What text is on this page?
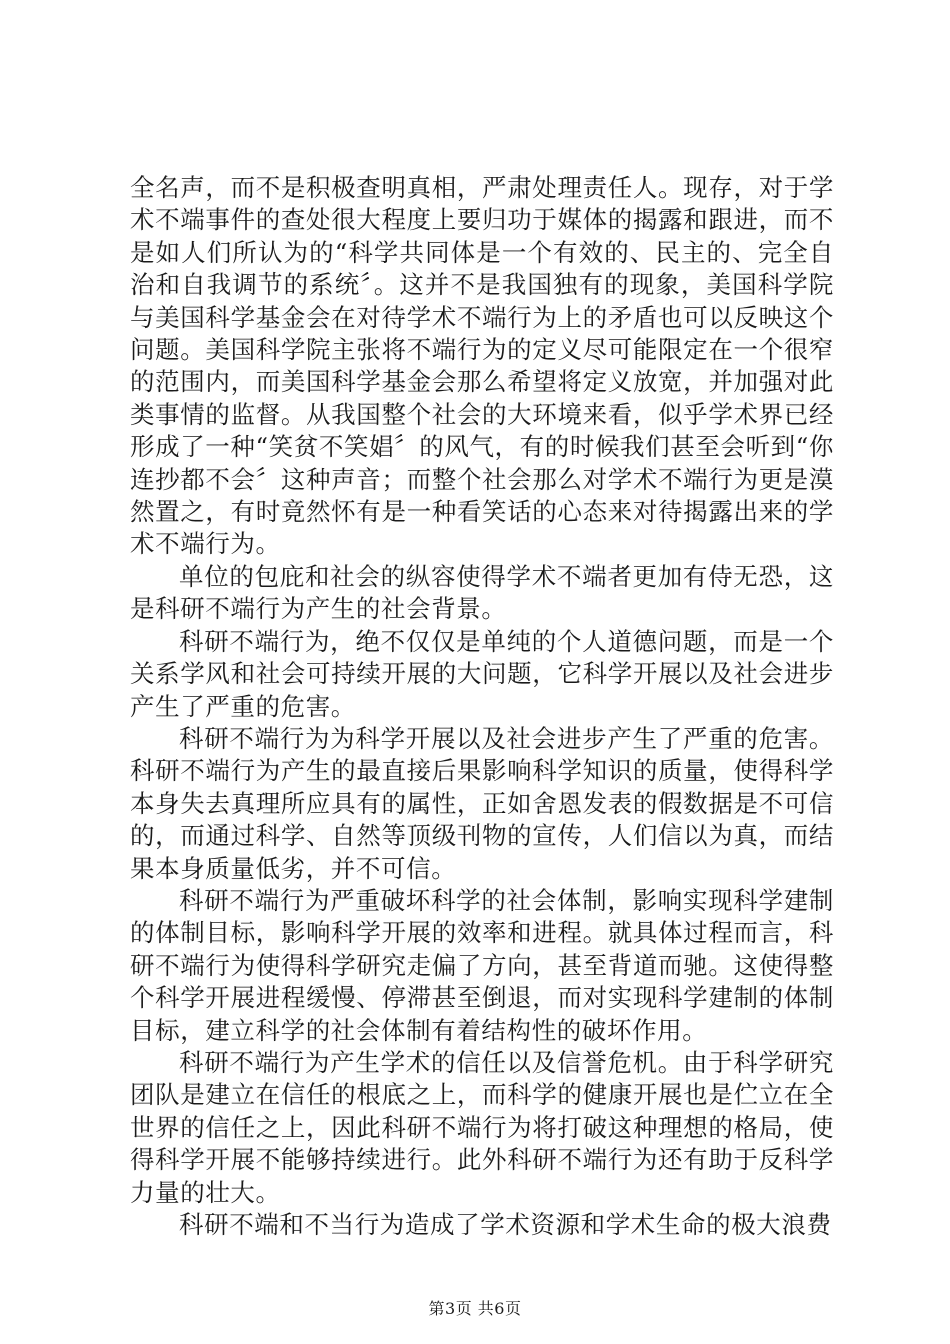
全名声，而不是积极查明真相，严肃处理责任人。现存，对于学术不端事件的查处很大程度上要归功于媒体的揭露和跟进，而不是如人们所认为的“科学共同体是一个有效的、民主的、完全自治和自我调节的系统〞。这并不是我国独有的现象，美国科学院与美国科学基金会在对待学术不端行为上的矛盾也可以反映这个问题。美国科学院主张将不端行为的定义尽可能限定在一个很窄的范围内，而美国科学基金会那么希望将定义放宽，并加强对此类事情的监督。从我国整个社会的大环境来看，似乎学术界已经形成了一种“笑贫不笑娼〞的风气，有的时候我们甚至会听到“你连抄都不会〞这种声音；而整个社会那么对学术不端行为更是漠然置之，有时竟然怀有是一种看笑话的心态来对待揭露出来的学术不端行为。

单位的包庇和社会的纵容使得学术不端者更加有侍无恐，这是科研不端行为产生的社会背景。

科研不端行为，绝不仅仅是单纯的个人道德问题，而是一个关系学风和社会可持续开展的大问题，它科学开展以及社会进步产生了严重的危害。

科研不端行为为科学开展以及社会进步产生了严重的危害。科研不端行为产生的最直接后果影响科学知识的质量，使得科学本身失去真理所应具有的属性，正如舍恩发表的假数据是不可信的，而通过科学、自然等顶级刊物的宣传，人们信以为真，而结果本身质量低劣，并不可信。

科研不端行为严重破坏科学的社会体制，影响实现科学建制的体制目标，影响科学开展的效率和进程。就具体过程而言，科研不端行为使得科学研究走偏了方向，甚至背道而驰。这使得整个科学开展进程缓慢、停滞甚至倒退，而对实现科学建制的体制目标，建立科学的社会体制有着结构性的破坏作用。

科研不端行为产生学术的信任以及信誉危机。由于科学研究团队是建立在信任的根底之上，而科学的健康开展也是伫立在全世界的信任之上，因此科研不端行为将打破这种理想的格局，使得科学开展不能够持续进行。此外科研不端行为还有助于反科学力量的壮大。

科研不端和不当行为造成了学术资源和学术生命的极大浪费

第3页 共6页
